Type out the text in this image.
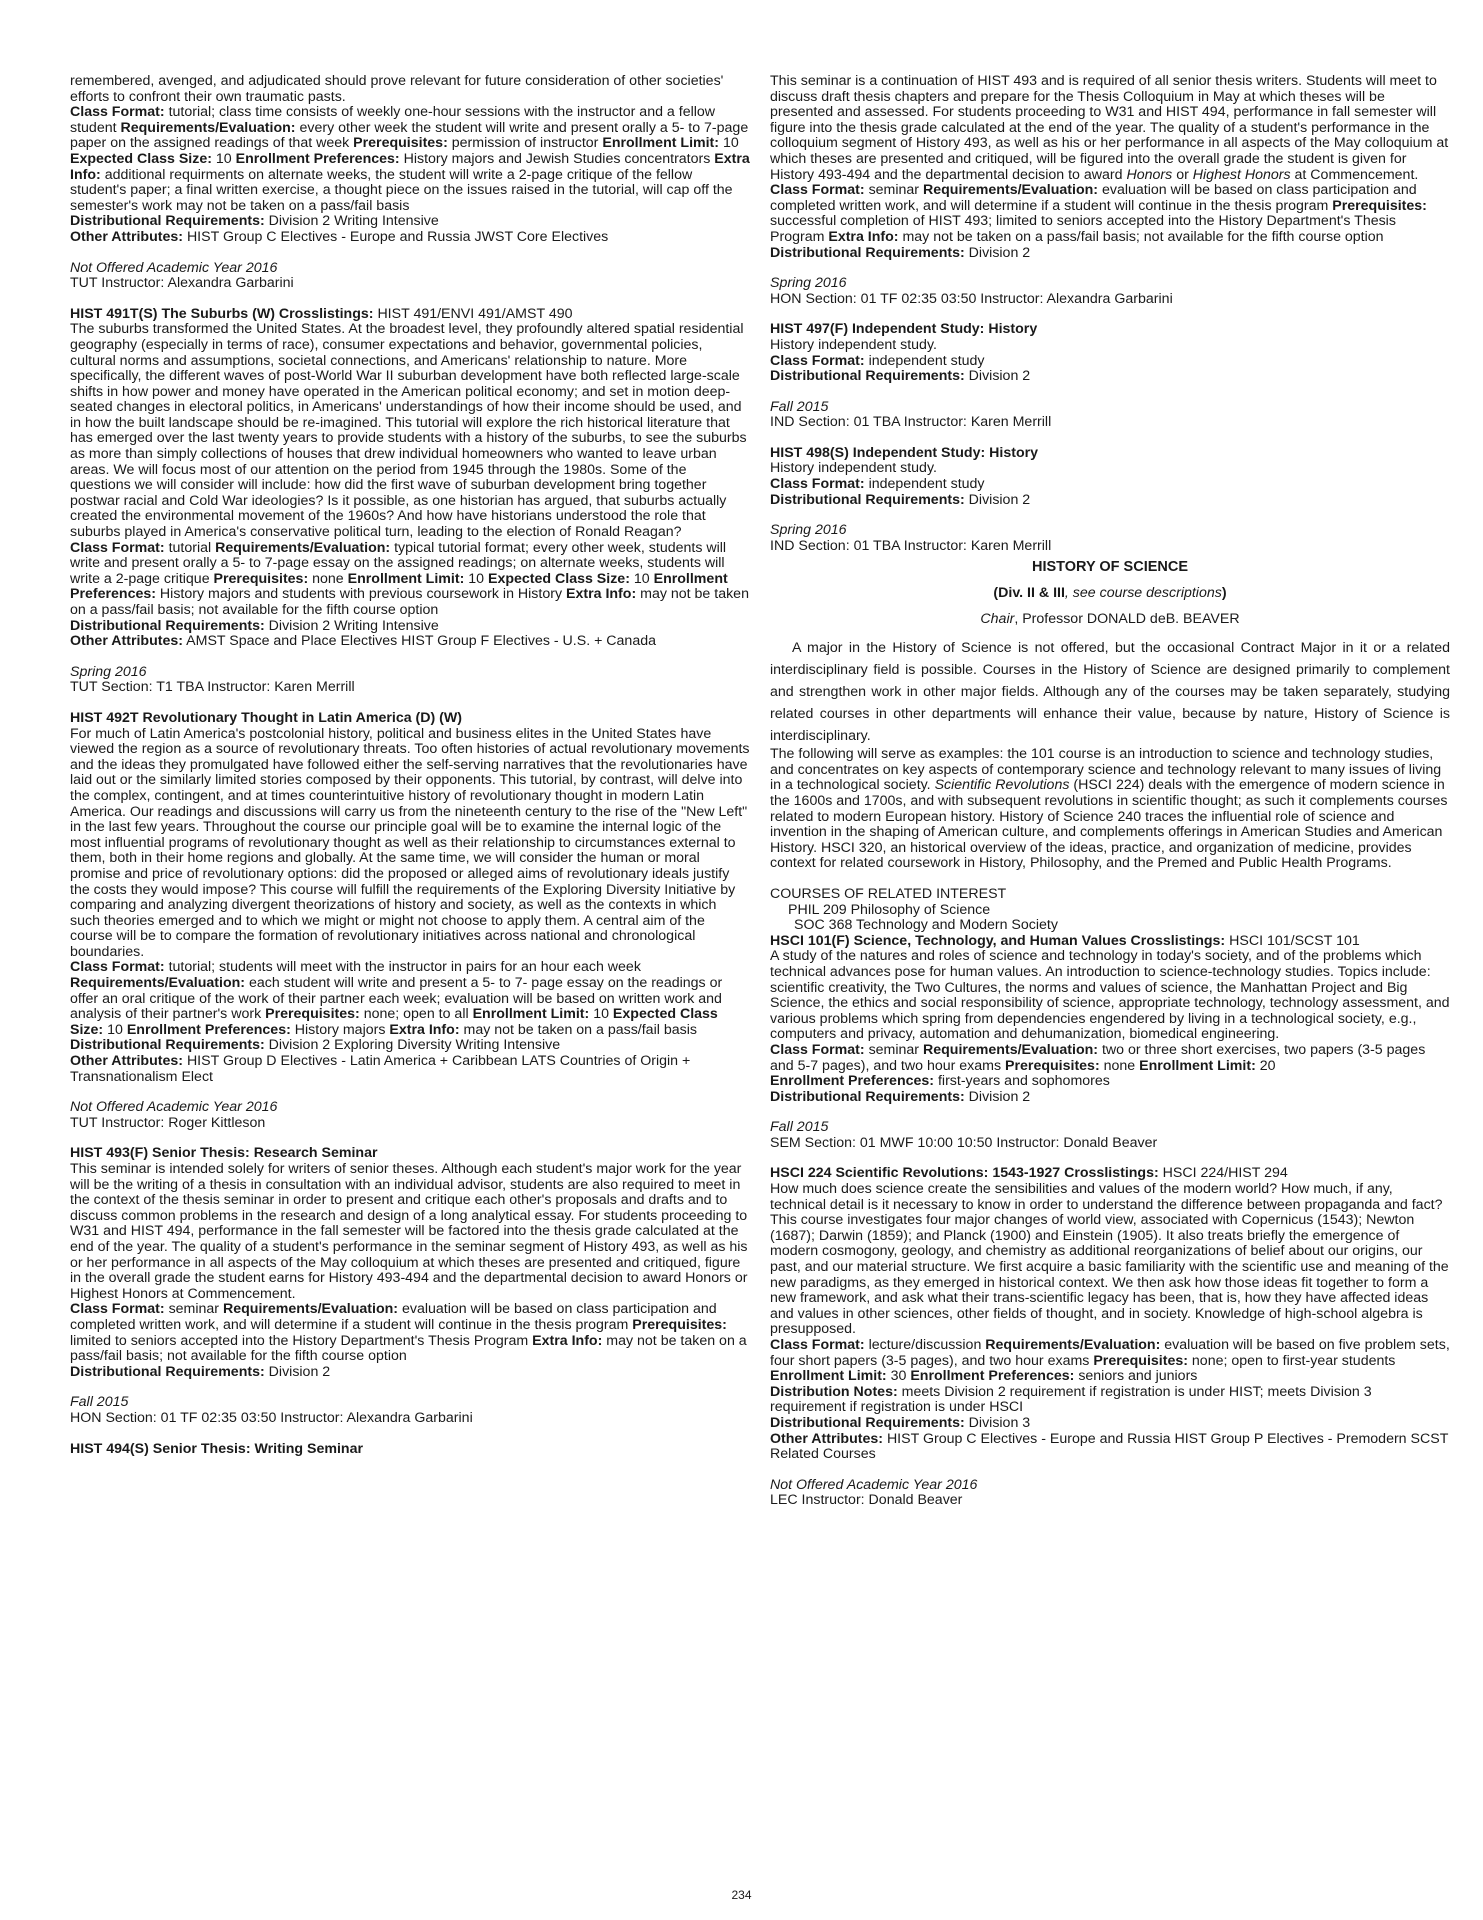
remembered, avenged, and adjudicated should prove relevant for future consideration of other societies' efforts to confront their own traumatic pasts.

Class Format: tutorial; class time consists of weekly one-hour sessions with the instructor and a fellow student Requirements/Evaluation: every other week the student will write and present orally a 5- to 7-page paper on the assigned readings of that week Prerequisites: permission of instructor Enrollment Limit: 10 Expected Class Size: 10 Enrollment Preferences: History majors and Jewish Studies concentrators Extra Info: additional requirments on alternate weeks, the student will write a 2-page critique of the fellow student's paper; a final written exercise, a thought piece on the issues raised in the tutorial, will cap off the semester's work may not be taken on a pass/fail basis

Distributional Requirements: Division 2 Writing Intensive

Other Attributes: HIST Group C Electives - Europe and Russia JWST Core Electives

Not Offered Academic Year 2016

TUT Instructor: Alexandra Garbarini

HIST 491T(S) The Suburbs (W) Crosslistings: HIST 491/ENVI 491/AMST 490

The suburbs transformed the United States. At the broadest level, they profoundly altered spatial residential geography (especially in terms of race), consumer expectations and behavior, governmental policies, cultural norms and assumptions, societal connections, and Americans' relationship to nature. More specifically, the different waves of post-World War II suburban development have both reflected large-scale shifts in how power and money have operated in the American political economy; and set in motion deep-seated changes in electoral politics, in Americans' understandings of how their income should be used, and in how the built landscape should be re-imagined. This tutorial will explore the rich historical literature that has emerged over the last twenty years to provide students with a history of the suburbs, to see the suburbs as more than simply collections of houses that drew individual homeowners who wanted to leave urban areas. We will focus most of our attention on the period from 1945 through the 1980s. Some of the questions we will consider will include: how did the first wave of suburban development bring together postwar racial and Cold War ideologies? Is it possible, as one historian has argued, that suburbs actually created the environmental movement of the 1960s? And how have historians understood the role that suburbs played in America's conservative political turn, leading to the election of Ronald Reagan?

Class Format: tutorial Requirements/Evaluation: typical tutorial format; every other week, students will write and present orally a 5- to 7-page essay on the assigned readings; on alternate weeks, students will write a 2-page critique Prerequisites: none Enrollment Limit: 10 Expected Class Size: 10 Enrollment Preferences: History majors and students with previous coursework in History Extra Info: may not be taken on a pass/fail basis; not available for the fifth course option

Distributional Requirements: Division 2 Writing Intensive

Other Attributes: AMST Space and Place Electives HIST Group F Electives - U.S. + Canada

Spring 2016

TUT Section: T1 TBA Instructor: Karen Merrill

HIST 492T Revolutionary Thought in Latin America (D) (W)

For much of Latin America's postcolonial history, political and business elites in the United States have viewed the region as a source of revolutionary threats. Too often histories of actual revolutionary movements and the ideas they promulgated have followed either the self-serving narratives that the revolutionaries have laid out or the similarly limited stories composed by their opponents. This tutorial, by contrast, will delve into the complex, contingent, and at times counterintuitive history of revolutionary thought in modern Latin America. Our readings and discussions will carry us from the nineteenth century to the rise of the "New Left" in the last few years. Throughout the course our principle goal will be to examine the internal logic of the most influential programs of revolutionary thought as well as their relationship to circumstances external to them, both in their home regions and globally. At the same time, we will consider the human or moral promise and price of revolutionary options: did the proposed or alleged aims of revolutionary ideals justify the costs they would impose? This course will fulfill the requirements of the Exploring Diversity Initiative by comparing and analyzing divergent theorizations of history and society, as well as the contexts in which such theories emerged and to which we might or might not choose to apply them. A central aim of the course will be to compare the formation of revolutionary initiatives across national and chronological boundaries.

Class Format: tutorial; students will meet with the instructor in pairs for an hour each week Requirements/Evaluation: each student will write and present a 5- to 7- page essay on the readings or offer an oral critique of the work of their partner each week; evaluation will be based on written work and analysis of their partner's work Prerequisites: none; open to all Enrollment Limit: 10 Expected Class Size: 10 Enrollment Preferences: History majors Extra Info: may not be taken on a pass/fail basis

Distributional Requirements: Division 2 Exploring Diversity Writing Intensive

Other Attributes: HIST Group D Electives - Latin America + Caribbean LATS Countries of Origin + Transnationalism Elect

Not Offered Academic Year 2016

TUT Instructor: Roger Kittleson

HIST 493(F) Senior Thesis: Research Seminar

This seminar is intended solely for writers of senior theses. Although each student's major work for the year will be the writing of a thesis in consultation with an individual advisor, students are also required to meet in the context of the thesis seminar in order to present and critique each other's proposals and drafts and to discuss common problems in the research and design of a long analytical essay. For students proceeding to W31 and HIST 494, performance in the fall semester will be factored into the thesis grade calculated at the end of the year. The quality of a student's performance in the seminar segment of History 493, as well as his or her performance in all aspects of the May colloquium at which theses are presented and critiqued, figure in the overall grade the student earns for History 493-494 and the departmental decision to award Honors or Highest Honors at Commencement.

Class Format: seminar Requirements/Evaluation: evaluation will be based on class participation and completed written work, and will determine if a student will continue in the thesis program Prerequisites: limited to seniors accepted into the History Department's Thesis Program Extra Info: may not be taken on a pass/fail basis; not available for the fifth course option

Distributional Requirements: Division 2

Fall 2015

HON Section: 01 TF 02:35 03:50 Instructor: Alexandra Garbarini

HIST 494(S) Senior Thesis: Writing Seminar

This seminar is a continuation of HIST 493 and is required of all senior thesis writers. Students will meet to discuss draft thesis chapters and prepare for the Thesis Colloquium in May at which theses will be presented and assessed. For students proceeding to W31 and HIST 494, performance in fall semester will figure into the thesis grade calculated at the end of the year. The quality of a student's performance in the colloquium segment of History 493, as well as his or her performance in all aspects of the May colloquium at which theses are presented and critiqued, will be figured into the overall grade the student is given for History 493-494 and the departmental decision to award Honors or Highest Honors at Commencement.

Class Format: seminar Requirements/Evaluation: evaluation will be based on class participation and completed written work, and will determine if a student will continue in the thesis program Prerequisites: successful completion of HIST 493; limited to seniors accepted into the History Department's Thesis Program Extra Info: may not be taken on a pass/fail basis; not available for the fifth course option

Distributional Requirements: Division 2

Spring 2016

HON Section: 01 TF 02:35 03:50 Instructor: Alexandra Garbarini

HIST 497(F) Independent Study: History

History independent study.

Class Format: independent study

Distributional Requirements: Division 2

Fall 2015

IND Section: 01 TBA Instructor: Karen Merrill

HIST 498(S) Independent Study: History

History independent study.

Class Format: independent study

Distributional Requirements: Division 2

Spring 2016

IND Section: 01 TBA Instructor: Karen Merrill

HISTORY OF SCIENCE

(Div. II & III, see course descriptions)

Chair, Professor DONALD deB. BEAVER

A major in the History of Science is not offered, but the occasional Contract Major in it or a related interdisciplinary field is possible. Courses in the History of Science are designed primarily to complement and strengthen work in other major fields. Although any of the courses may be taken separately, studying related courses in other departments will enhance their value, because by nature, History of Science is interdisciplinary.

The following will serve as examples: the 101 course is an introduction to science and technology studies, and concentrates on key aspects of contemporary science and technology relevant to many issues of living in a technological society. Scientific Revolutions (HSCI 224) deals with the emergence of modern science in the 1600s and 1700s, and with subsequent revolutions in scientific thought; as such it complements courses related to modern European history. History of Science 240 traces the influential role of science and invention in the shaping of American culture, and complements offerings in American Studies and American History. HSCI 320, an historical overview of the ideas, practice, and organization of medicine, provides context for related coursework in History, Philosophy, and the Premed and Public Health Programs.

COURSES OF RELATED INTEREST

PHIL 209 Philosophy of Science

SOC 368 Technology and Modern Society

HSCI 101(F) Science, Technology, and Human Values Crosslistings: HSCI 101/SCST 101

A study of the natures and roles of science and technology in today's society, and of the problems which technical advances pose for human values. An introduction to science-technology studies. Topics include: scientific creativity, the Two Cultures, the norms and values of science, the Manhattan Project and Big Science, the ethics and social responsibility of science, appropriate technology, technology assessment, and various problems which spring from dependencies engendered by living in a technological society, e.g., computers and privacy, automation and dehumanization, biomedical engineering.

Class Format: seminar Requirements/Evaluation: two or three short exercises, two papers (3-5 pages and 5-7 pages), and two hour exams Prerequisites: none Enrollment Limit: 20

Enrollment Preferences: first-years and sophomores

Distributional Requirements: Division 2

Fall 2015

SEM Section: 01 MWF 10:00 10:50 Instructor: Donald Beaver

HSCI 224 Scientific Revolutions: 1543-1927 Crosslistings: HSCI 224/HIST 294

How much does science create the sensibilities and values of the modern world? How much, if any, technical detail is it necessary to know in order to understand the difference between propaganda and fact? This course investigates four major changes of world view, associated with Copernicus (1543); Newton (1687); Darwin (1859); and Planck (1900) and Einstein (1905). It also treats briefly the emergence of modern cosmogony, geology, and chemistry as additional reorganizations of belief about our origins, our past, and our material structure. We first acquire a basic familiarity with the scientific use and meaning of the new paradigms, as they emerged in historical context. We then ask how those ideas fit together to form a new framework, and ask what their trans-scientific legacy has been, that is, how they have affected ideas and values in other sciences, other fields of thought, and in society. Knowledge of high-school algebra is presupposed.

Class Format: lecture/discussion Requirements/Evaluation: evaluation will be based on five problem sets, four short papers (3-5 pages), and two hour exams Prerequisites: none; open to first-year students Enrollment Limit: 30 Enrollment Preferences: seniors and juniors

Distribution Notes: meets Division 2 requirement if registration is under HIST; meets Division 3 requirement if registration is under HSCI

Distributional Requirements: Division 3

Other Attributes: HIST Group C Electives - Europe and Russia HIST Group P Electives - Premodern SCST Related Courses

Not Offered Academic Year 2016

LEC Instructor: Donald Beaver

234
